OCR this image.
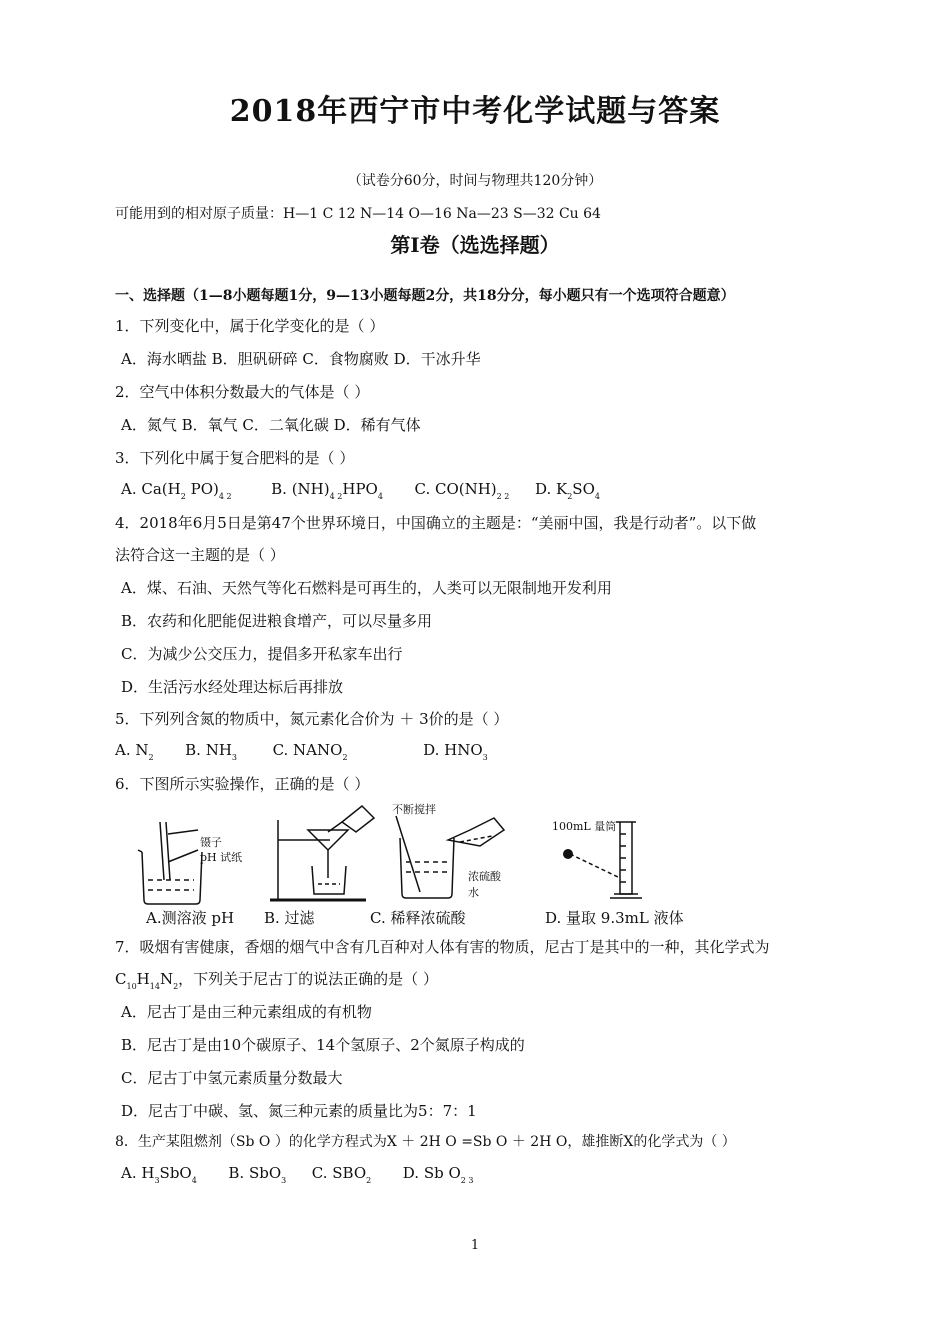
2018年西宁市中考化学试题与答案
（试卷分60分，时间与物理共120分钟）
可能用到的相对原子质量：H—1 C 12 N—14 O—16 Na—23 S—32 Cu 64
第Ⅰ卷（选选择题）
一、选择题（1—8小题每题1分，9—13小题每题2分，共18分分，每小题只有一个选项符合题意）
1．下列变化中，属于化学变化的是（ ）
A．海水晒盐 B．胆矾研碎 C．食物腐败 D．干冰升华
2．空气中体积分数最大的气体是（ ）
A．氮气 B．氧气 C．二氧化碳 D．稀有气体
3．下列化中属于复合肥料的是（ ）
A. $Ca(H_2$ $PO)_{4 2}$	B. $(NH)_{4 2}HPO_4$ C. $CO(NH)_{2 2}$ D. $K_2SO_4$
4．2018年6月5日是第47个世界环境日，中国确立的主题是：“美丽中国，我是行动者”。以下做
法符合这一主题的是（ ）
A．煤、石油、天然气等化石燃料是可再生的，人类可以无限制地开发利用
B．农药和化肥能促进粮食增产，可以尽量多用
C．为减少公交压力，提倡多开私家车出行
D．生活污水经处理达标后再排放
5．下列列含氮的物质中，氮元素化合价为 ＋ 3价的是（ ）
A. $N_2$ B. $NH_3$ C. $NANO_2$	D. $HNO_3$
6．下图所示实验操作，正确的是（ ）
镊子
pH 试纸
不断搅拌
浓硫酸
水
100mL 量筒
A.测溶液 pH B. 过滤	C. 稀释浓硫酸	D. 量取 9.3mL 液体
7．吸烟有害健康，香烟的烟气中含有几百种对人体有害的物质，尼古丁是其中的一种，其化学式为
$C_{10}H_{14}N_2$，下列关于尼古丁的说法正确的是（ ）
A．尼古丁是由三种元素组成的有机物
B．尼古丁是由10个碳原子、14个氢原子、2个氮原子构成的
C．尼古丁中氢元素质量分数最大
D．尼古丁中碳、氢、氮三种元素的质量比为5：7：1
8．生产某阻燃剂（Sb O ）的化学方程式为X ＋ 2H O =Sb O ＋ 2H O，雄推断X的化学式为（ ）
A. $H_3SbO_4$ B. SbO$_3$ C. $SBO_2$ D. Sb $O_{2 3}$
1
